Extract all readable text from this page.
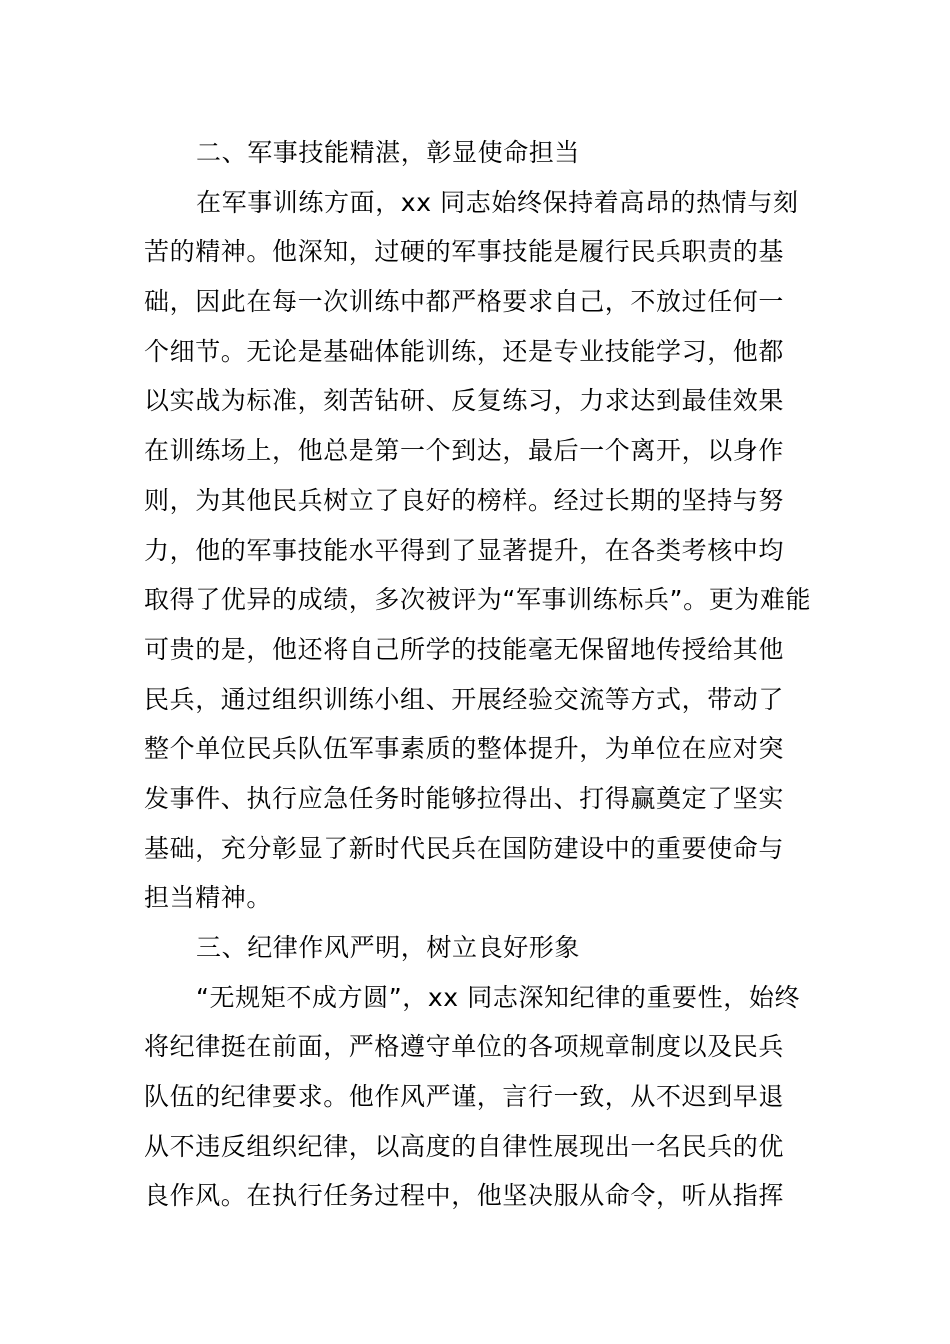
二、军事技能精湛，彰显使命担当
在军事训练方面，xx 同志始终保持着高昂的热情与刻
苦的精神。他深知，过硬的军事技能是履行民兵职责的基
础，因此在每一次训练中都严格要求自己，不放过任何一
个细节。无论是基础体能训练，还是专业技能学习，他都
以实战为标准，刻苦钻研、反复练习，力求达到最佳效果
在训练场上，他总是第一个到达，最后一个离开，以身作
则，为其他民兵树立了良好的榜样。经过长期的坚持与努
力，他的军事技能水平得到了显著提升，在各类考核中均
取得了优异的成绩，多次被评为“军事训练标兵”。更为难能
可贵的是，他还将自己所学的技能毫无保留地传授给其他
民兵，通过组织训练小组、开展经验交流等方式，带动了
整个单位民兵队伍军事素质的整体提升，为单位在应对突
发事件、执行应急任务时能够拉得出、打得赢奠定了坚实
基础，充分彰显了新时代民兵在国防建设中的重要使命与
担当精神。
三、纪律作风严明，树立良好形象
“无规矩不成方圆”，xx 同志深知纪律的重要性，始终
将纪律挺在前面，严格遵守单位的各项规章制度以及民兵
队伍的纪律要求。他作风严谨，言行一致，从不迟到早退
从不违反组织纪律，以高度的自律性展现出一名民兵的优
良作风。在执行任务过程中，他坚决服从命令，听从指挥
